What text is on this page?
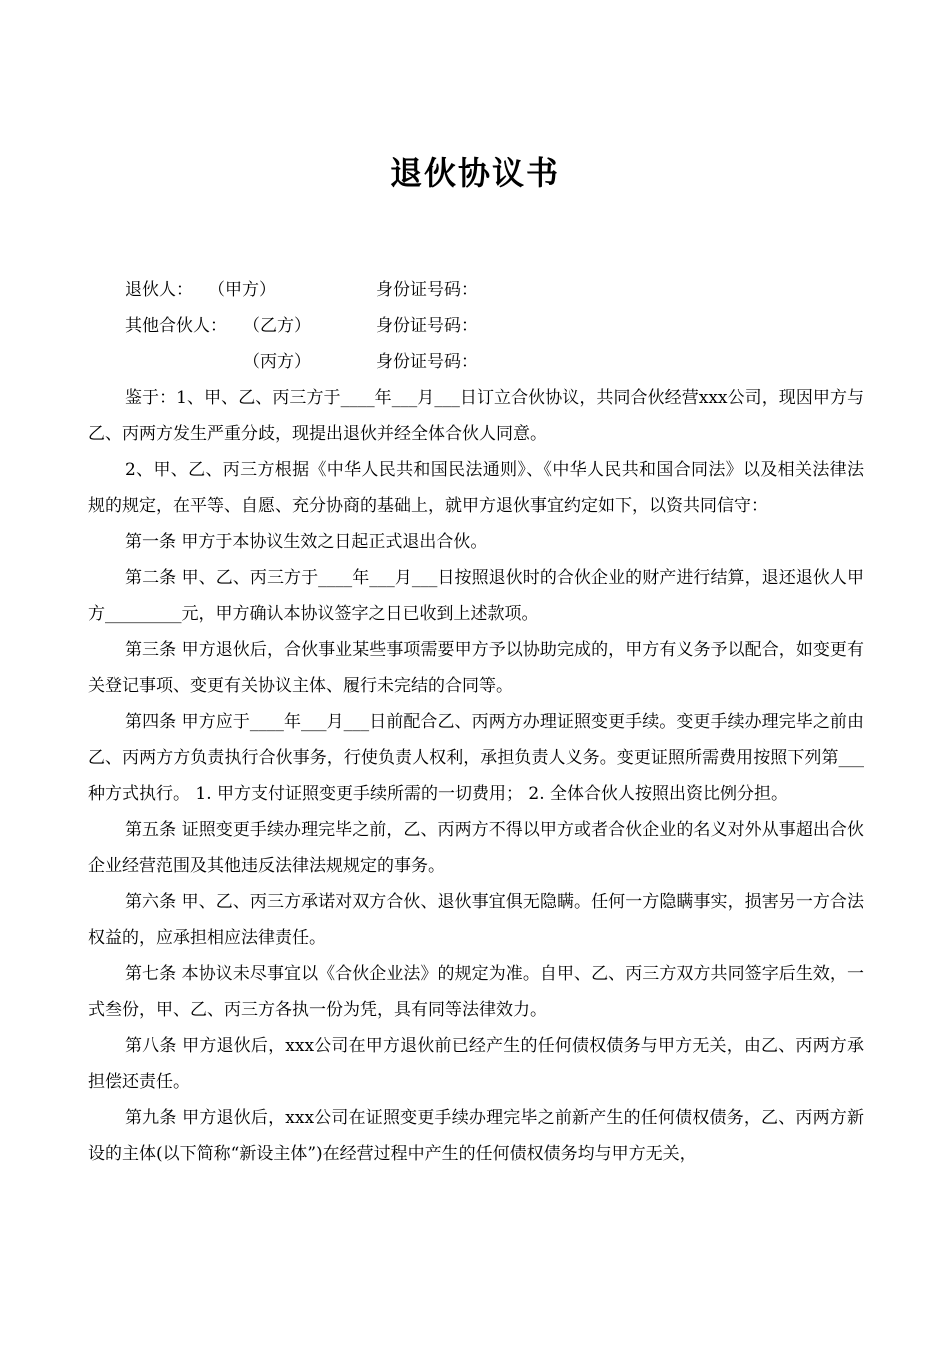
退伙协议书
退伙人： （甲方）	身份证号码：
其他合伙人： （乙方）	身份证号码：
（丙方）	身份证号码：

鉴于：1、甲、乙、丙三方于____年___月___日订立合伙协议，共同合伙经营xxx公司，现因甲方与乙、丙两方发生严重分歧，现提出退伙并经全体合伙人同意。

2、甲、乙、丙三方根据《中华人民共和国民法通则》、《中华人民共和国合同法》以及相关法律法规的规定，在平等、自愿、充分协商的基础上，就甲方退伙事宜约定如下，以资共同信守：

第一条 甲方于本协议生效之日起正式退出合伙。

第二条 甲、乙、丙三方于____年___月___日按照退伙时的合伙企业的财产进行结算，退还退伙人甲方_________元，甲方确认本协议签字之日已收到上述款项。

第三条 甲方退伙后，合伙事业某些事项需要甲方予以协助完成的，甲方有义务予以配合，如变更有关登记事项、变更有关协议主体、履行未完结的合同等。

第四条 甲方应于____年___月___日前配合乙、丙两方办理证照变更手续。变更手续办理完毕之前由乙、丙两方方负责执行合伙事务，行使负责人权利，承担负责人义务。变更证照所需费用按照下列第___种方式执行。 1. 甲方支付证照变更手续所需的一切费用； 2. 全体合伙人按照出资比例分担。

第五条 证照变更手续办理完毕之前，乙、丙两方不得以甲方或者合伙企业的名义对外从事超出合伙企业经营范围及其他违反法律法规规定的事务。

第六条 甲、乙、丙三方承诺对双方合伙、退伙事宜俱无隐瞒。任何一方隐瞒事实，损害另一方合法权益的，应承担相应法律责任。

第七条 本协议未尽事宜以《合伙企业法》的规定为准。自甲、乙、丙三方双方共同签字后生效，一式叁份，甲、乙、丙三方各执一份为凭，具有同等法律效力。

第八条 甲方退伙后，xxx公司在甲方退伙前已经产生的任何债权债务与甲方无关，由乙、丙两方承担偿还责任。

第九条 甲方退伙后，xxx公司在证照变更手续办理完毕之前新产生的任何债权债务，乙、丙两方新设的主体(以下简称“新设主体”)在经营过程中产生的任何债权债务均与甲方无关，
